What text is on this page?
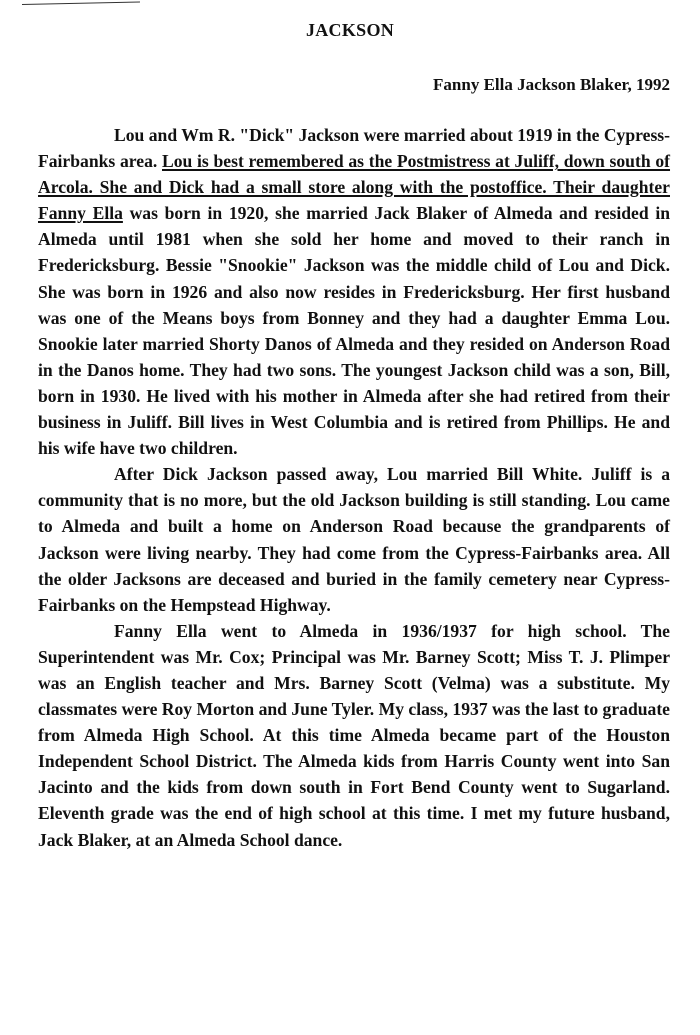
JACKSON
Fanny Ella Jackson Blaker, 1992

Lou and Wm R. "Dick" Jackson were married about 1919 in the Cypress-Fairbanks area. Lou is best remembered as the Postmistress at Juliff, down south of Arcola. She and Dick had a small store along with the postoffice. Their daughter Fanny Ella was born in 1920, she married Jack Blaker of Almeda and resided in Almeda until 1981 when she sold her home and moved to their ranch in Fredericksburg. Bessie "Snookie" Jackson was the middle child of Lou and Dick. She was born in 1926 and also now resides in Fredericksburg. Her first husband was one of the Means boys from Bonney and they had a daughter Emma Lou. Snookie later married Shorty Danos of Almeda and they resided on Anderson Road in the Danos home. They had two sons. The youngest Jackson child was a son, Bill, born in 1930. He lived with his mother in Almeda after she had retired from their business in Juliff. Bill lives in West Columbia and is retired from Phillips. He and his wife have two children.

After Dick Jackson passed away, Lou married Bill White. Juliff is a community that is no more, but the old Jackson building is still standing. Lou came to Almeda and built a home on Anderson Road because the grandparents of Jackson were living nearby. They had come from the Cypress-Fairbanks area. All the older Jacksons are deceased and buried in the family cemetery near Cypress-Fairbanks on the Hempstead Highway.

Fanny Ella went to Almeda in 1936/1937 for high school. The Superintendent was Mr. Cox; Principal was Mr. Barney Scott; Miss T. J. Plimper was an English teacher and Mrs. Barney Scott (Velma) was a substitute. My classmates were Roy Morton and June Tyler. My class, 1937 was the last to graduate from Almeda High School. At this time Almeda became part of the Houston Independent School District. The Almeda kids from Harris County went into San Jacinto and the kids from down south in Fort Bend County went to Sugarland. Eleventh grade was the end of high school at this time. I met my future husband, Jack Blaker, at an Almeda School dance.
